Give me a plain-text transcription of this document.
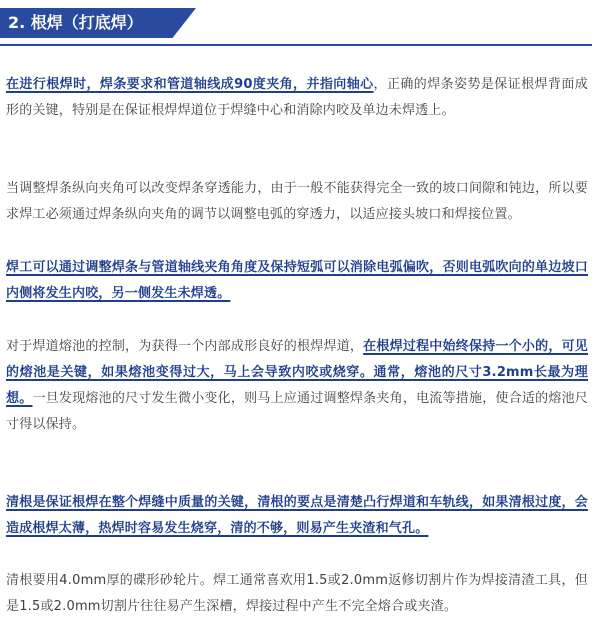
2. 根焊（打底焊）

在进行根焊时，焊条要求和管道轴线成90度夹角，并指向轴心，正确的焊条姿势是保证根焊背面成形的关键，特别是在保证根焊焊道位于焊缝中心和消除内咬及单边未焊透上。

当调整焊条纵向夹角可以改变焊条穿透能力，由于一般不能获得完全一致的坡口间隙和钝边，所以要求焊工必须通过焊条纵向夹角的调节以调整电弧的穿透力，以适应接头坡口和焊接位置。

焊工可以通过调整焊条与管道轴线夹角角度及保持短弧可以消除电弧偏吹，否则电弧吹向的单边坡口内侧将发生内咬，另一侧发生未焊透。

对于焊道熔池的控制，为获得一个内部成形良好的根焊焊道，在根焊过程中始终保持一个小的，可见的熔池是关键，如果熔池变得过大，马上会导致内咬或烧穿。通常，熔池的尺寸3.2mm长最为理想。一旦发现熔池的尺寸发生微小变化，则马上应通过调整焊条夹角，电流等措施，使合适的熔池尺寸得以保持。

清根是保证根焊在整个焊缝中质量的关键，清根的要点是清楚凸行焊道和车轨线，如果清根过度，会造成根焊太薄，热焊时容易发生烧穿，清的不够，则易产生夹渣和气孔。

清根要用4.0mm厚的碟形砂轮片。焊工通常喜欢用1.5或2.0mm返修切割片作为焊接清渣工具，但是1.5或2.0mm切割片往往易产生深槽，焊接过程中产生不完全熔合或夹渣。
